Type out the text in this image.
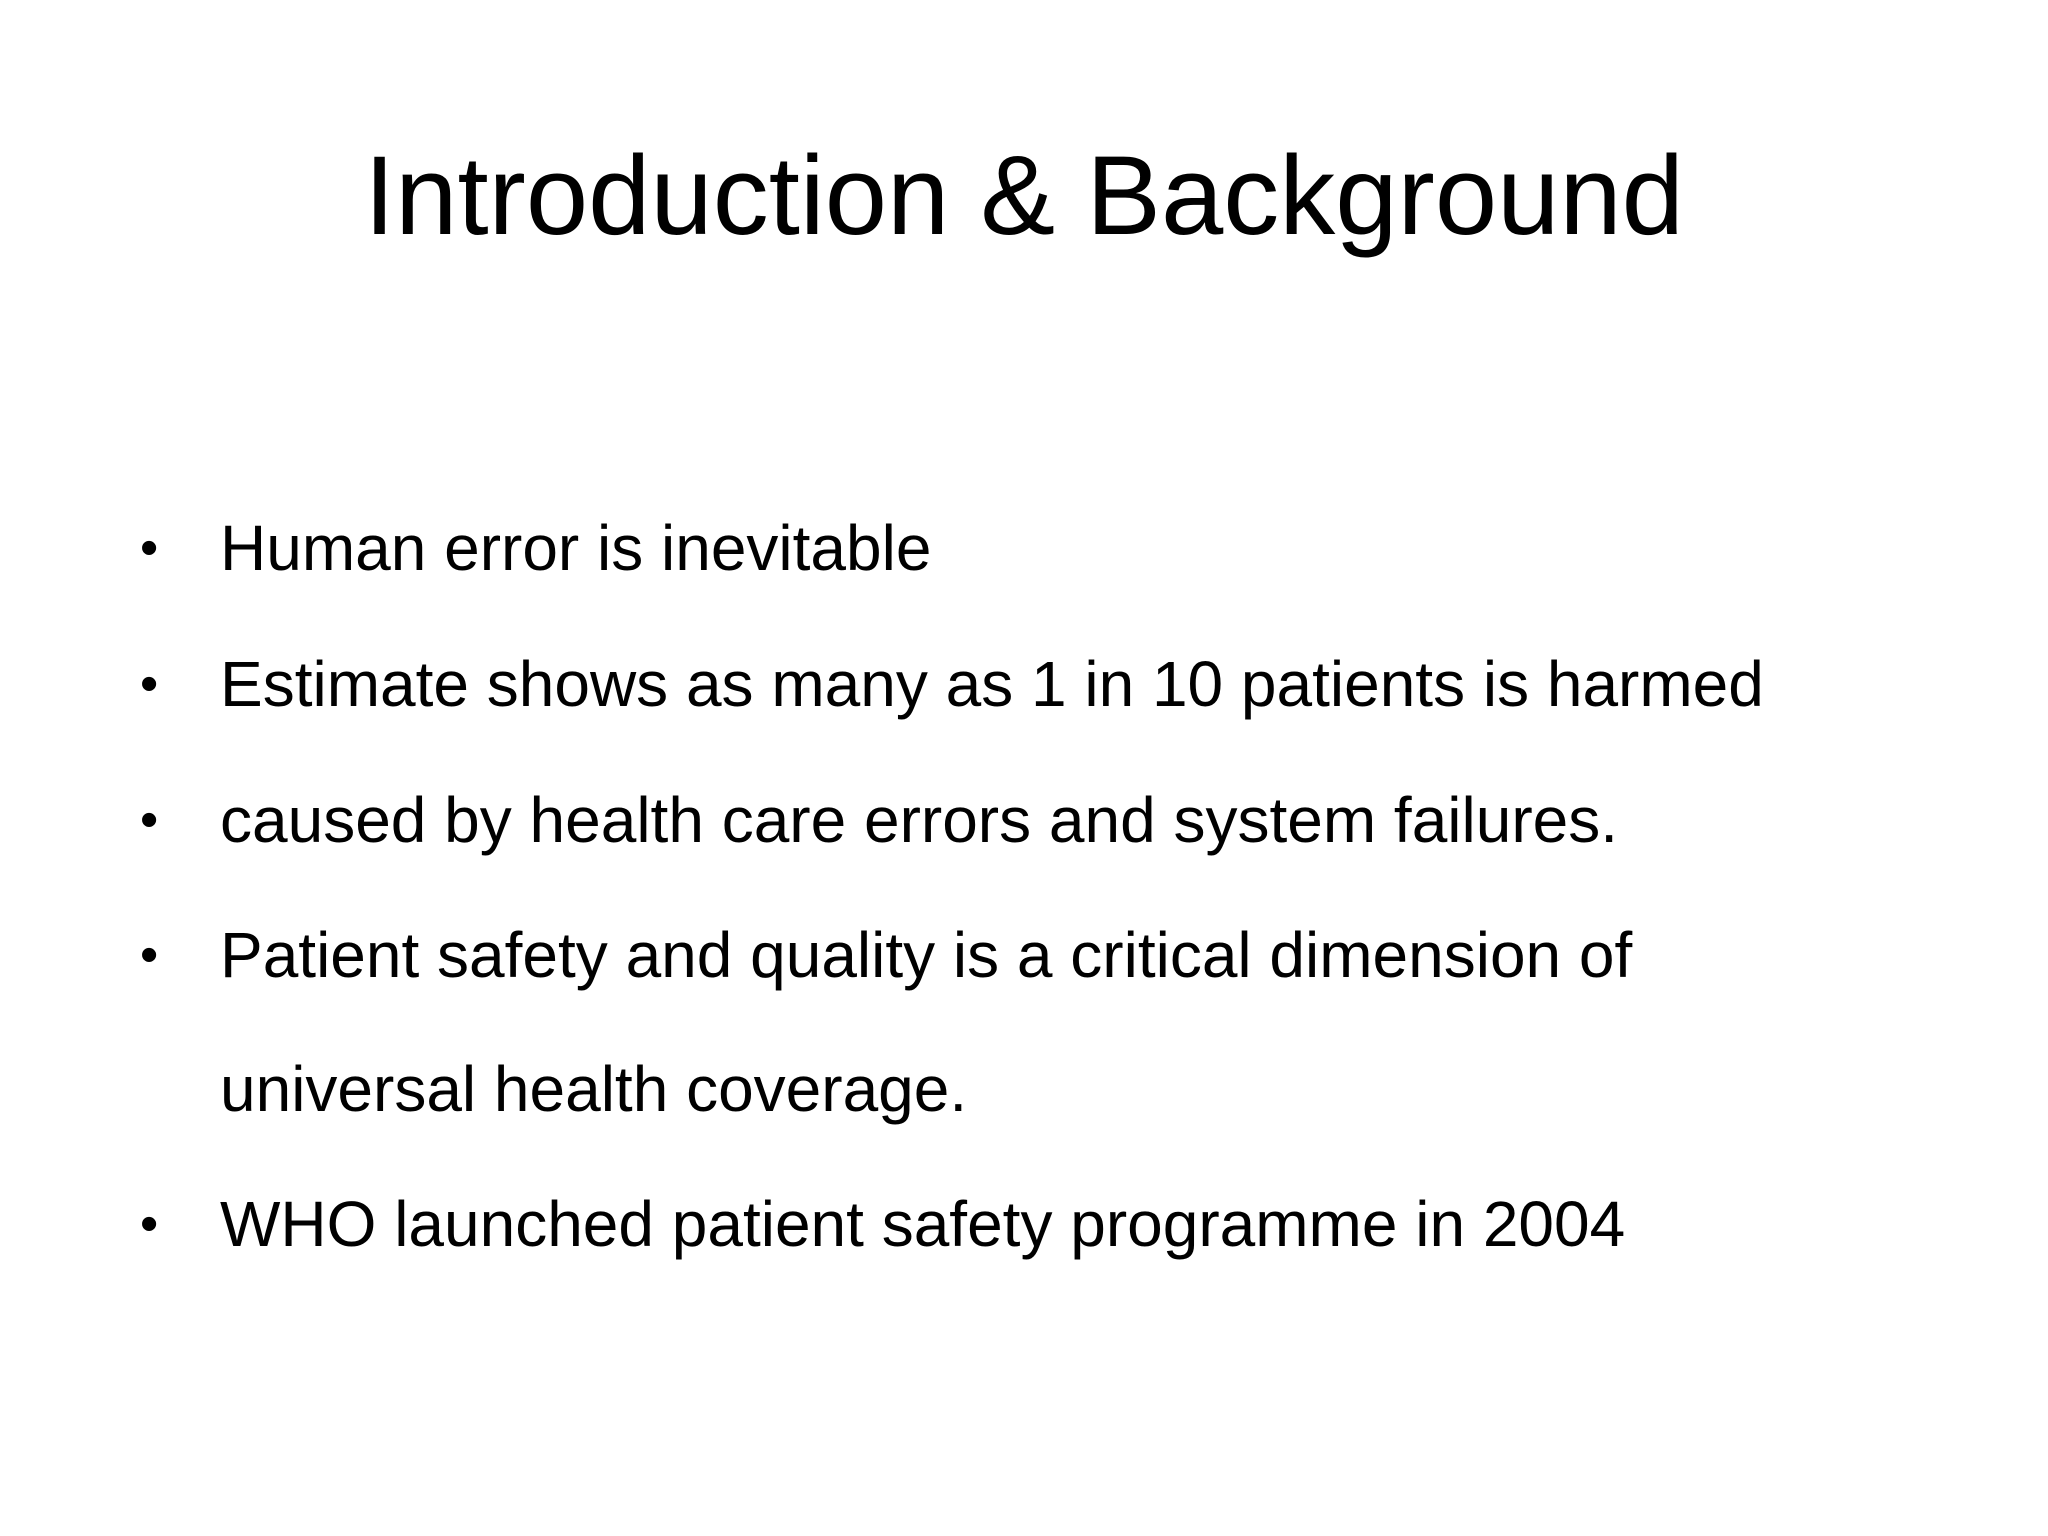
Introduction & Background
• Human error is inevitable
• Estimate shows as many as 1 in 10 patients is harmed
• caused by health care errors and system failures.
• Patient safety and quality is a critical dimension of universal health coverage.
• WHO launched patient safety programme in 2004
